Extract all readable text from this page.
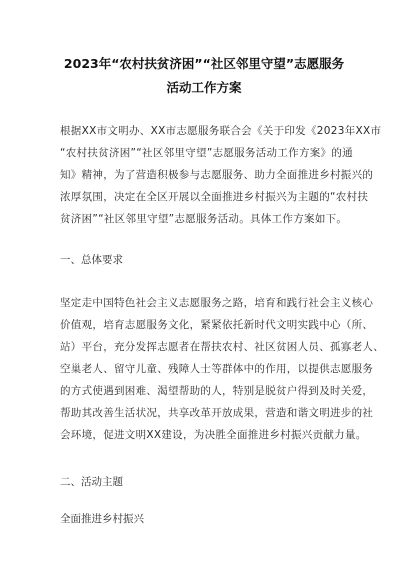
2023年“农村扶贫济困”“社区邻里守望”志愿服务
活动工作方案
根据XX市文明办、XX市志愿服务联合会《关于印发《2023年XX市
“农村扶贫济困”“社区邻里守望”志愿服务活动工作方案》的通
知》精神，为了营造积极参与志愿服务、助力全面推进乡村振兴的
浓厚氛围，决定在全区开展以全面推进乡村振兴为主题的“农村扶
贫济困”“社区邻里守望”志愿服务活动。具体工作方案如下。
一、总体要求
坚定走中国特色社会主义志愿服务之路，培育和践行社会主义核心
价值观，培育志愿服务文化，紧紧依托新时代文明实践中心（所、
站）平台，充分发挥志愿者在帮扶农村、社区贫困人员、孤寡老人、
空巢老人、留守儿童、残障人士等群体中的作用，以提供志愿服务
的方式使遇到困难、渴望帮助的人，特别是脱贫户得到及时关爱，
帮助其改善生活状况，共享改革开放成果，营造和谐文明进步的社
会环境，促进文明XX建设，为决胜全面推进乡村振兴贡献力量。
二、活动主题
全面推进乡村振兴
